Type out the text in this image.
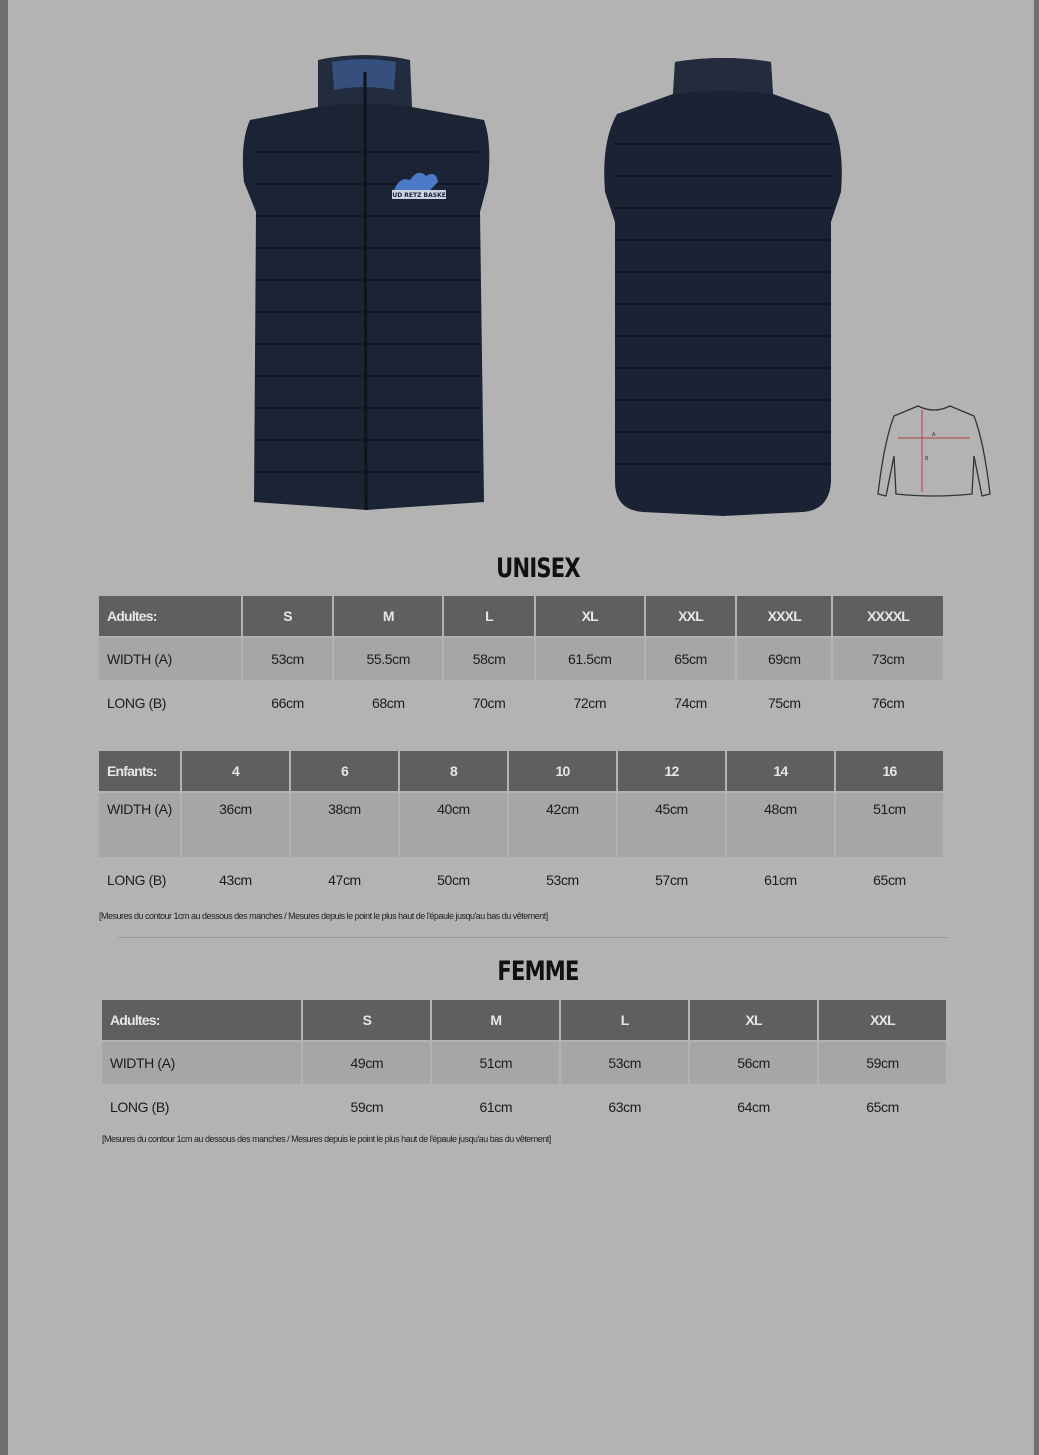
SUD RETZ BASKET
A
B
UNISEX
Adultes:	S	M	L	XL	XXL	XXXL	XXXXL
WIDTH (A)	53cm	55.5cm	58cm	61.5cm	65cm	69cm	73cm
LONG (B)	66cm	68cm	70cm	72cm	74cm	75cm	76cm
Enfants:	4	6	8	10	12	14	16
WIDTH (A)	36cm	38cm	40cm	42cm	45cm	48cm	51cm
LONG (B)	43cm	47cm	50cm	53cm	57cm	61cm	65cm
[Mesures du contour 1cm au dessous des manches / Mesures depuis le point le plus haut de l'épaule jusqu'au bas du vêtement]
FEMME
Adultes:	S	M	L	XL	XXL
WIDTH (A)	49cm	51cm	53cm	56cm	59cm
LONG (B)	59cm	61cm	63cm	64cm	65cm
[Mesures du contour 1cm au dessous des manches / Mesures depuis le point le plus haut de l'épaule jusqu'au bas du vêtement]
